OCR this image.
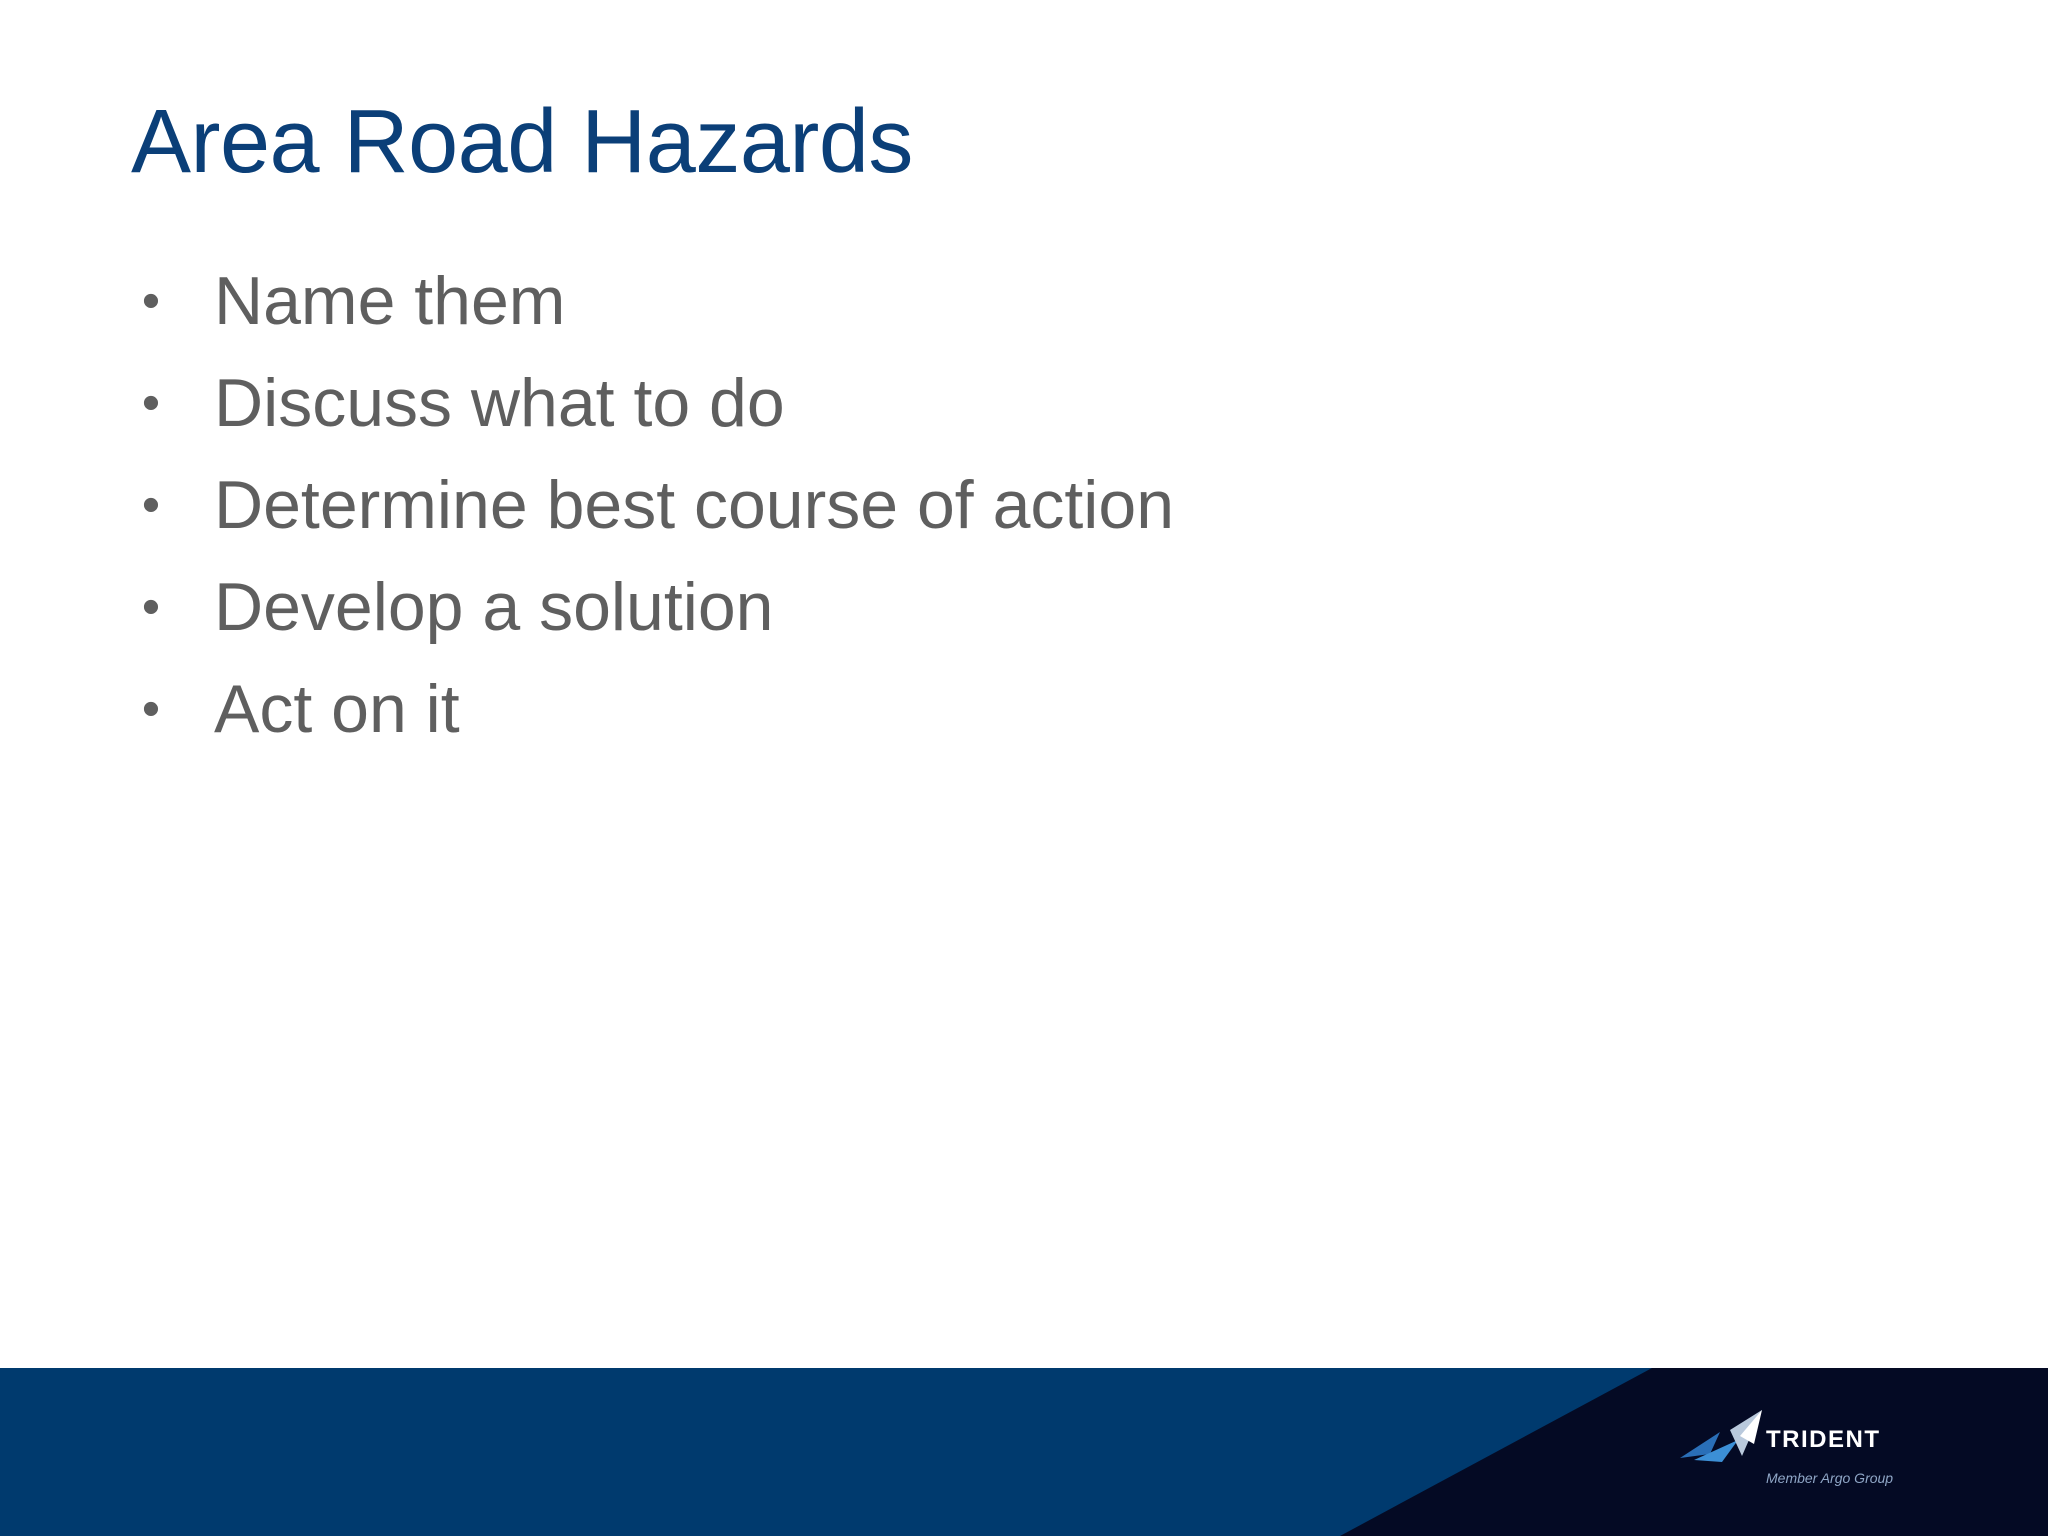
Area Road Hazards
• Name them
• Discuss what to do
• Determine best course of action
• Develop a solution
• Act on it
TRIDENT
Member Argo Group
